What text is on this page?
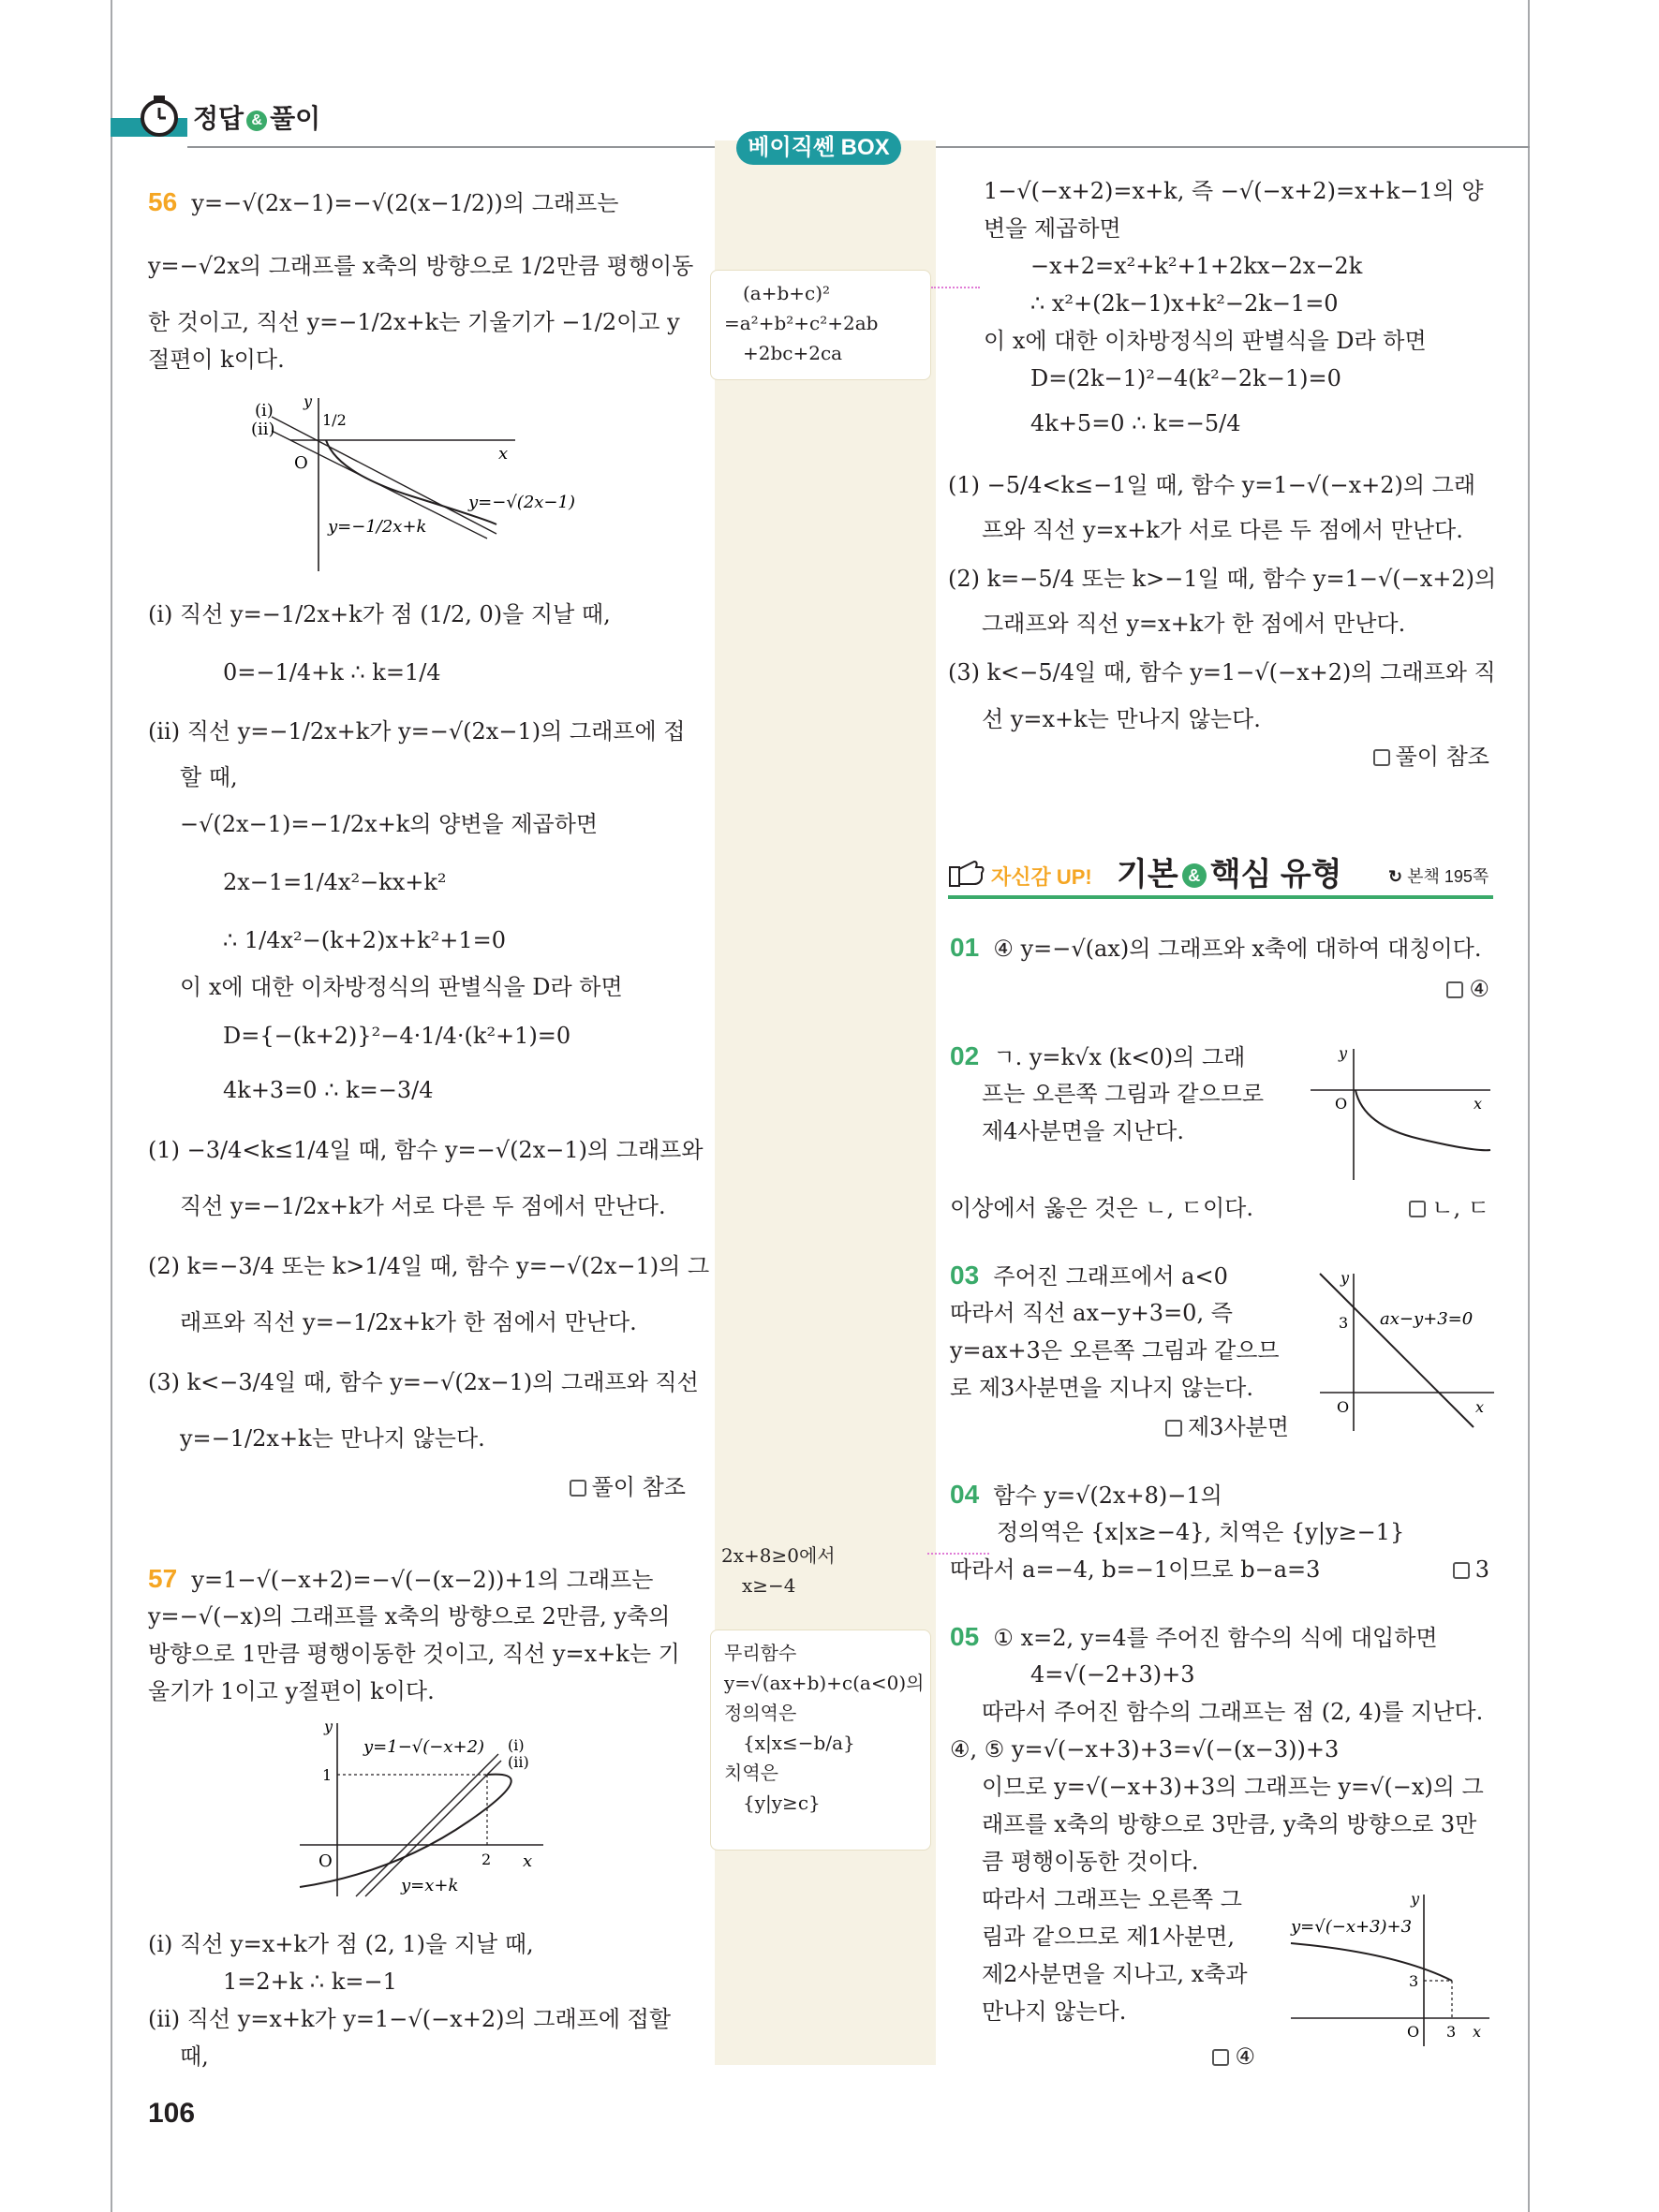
정답 & 풀이
베이직쎈 BOX
(a+b+c)²
=a²+b²+c²+2ab
+2bc+2ca
2x+8≥0에서
x≥−4
무리함수
y=√(ax+b)+c(a<0)의
정의역은
{x|x≤−b/a}
치역은
{y|y≥c}
56 y=−√(2x−1)=−√(2(x−1/2))의 그래프는
y=−√2x의 그래프를 x축의 방향으로 1/2만큼 평행이동
한 것이고, 직선 y=−1/2x+k는 기울기가 −1/2이고 y
절편이 k이다.
(i)
(ii)	1/2
O
y
x
y=−√(2x−1)
y=−1/2x+k
(i) 직선 y=−1/2x+k가 점 (1/2, 0)을 지날 때,
0=−1/4+k ∴ k=1/4
(ii) 직선 y=−1/2x+k가 y=−√(2x−1)의 그래프에 접
할 때,
−√(2x−1)=−1/2x+k의 양변을 제곱하면
2x−1=1/4x²−kx+k²
∴ 1/4x²−(k+2)x+k²+1=0
이 x에 대한 이차방정식의 판별식을 D라 하면
D={−(k+2)}²−4·1/4·(k²+1)=0
4k+3=0 ∴ k=−3/4
(1) −3/4<k≤1/4일 때, 함수 y=−√(2x−1)의 그래프와
직선 y=−1/2x+k가 서로 다른 두 점에서 만난다.
(2) k=−3/4 또는 k>1/4일 때, 함수 y=−√(2x−1)의 그
래프와 직선 y=−1/2x+k가 한 점에서 만난다.
(3) k<−3/4일 때, 함수 y=−√(2x−1)의 그래프와 직선
y=−1/2x+k는 만나지 않는다.
풀이 참조
57 y=1−√(−x+2)=−√(−(x−2))+1의 그래프는
y=−√(−x)의 그래프를 x축의 방향으로 2만큼, y축의
방향으로 1만큼 평행이동한 것이고, 직선 y=x+k는 기
울기가 1이고 y절편이 k이다.
y
x
O
1
2
y=1−√(−x+2) (i)
(ii)
y=x+k
(i) 직선 y=x+k가 점 (2, 1)을 지날 때,
1=2+k ∴ k=−1
(ii) 직선 y=x+k가 y=1−√(−x+2)의 그래프에 접할
때,
106
1−√(−x+2)=x+k, 즉 −√(−x+2)=x+k−1의 양
변을 제곱하면
−x+2=x²+k²+1+2kx−2x−2k
∴ x²+(2k−1)x+k²−2k−1=0
이 x에 대한 이차방정식의 판별식을 D라 하면
D=(2k−1)²−4(k²−2k−1)=0
4k+5=0 ∴ k=−5/4
(1) −5/4<k≤−1일 때, 함수 y=1−√(−x+2)의 그래
프와 직선 y=x+k가 서로 다른 두 점에서 만난다.
(2) k=−5/4 또는 k>−1일 때, 함수 y=1−√(−x+2)의
그래프와 직선 y=x+k가 한 점에서 만난다.
(3) k<−5/4일 때, 함수 y=1−√(−x+2)의 그래프와 직
선 y=x+k는 만나지 않는다.
풀이 참조
자신감 UP! 기본 & 핵심 유형	↻ 본책 195쪽
01 ④ y=−√(ax)의 그래프와 x축에 대하여 대칭이다.
④
02 ㄱ. y=k√x (k<0)의 그래
프는 오른쪽 그림과 같으므로
제4사분면을 지난다.
y
x
O
이상에서 옳은 것은 ㄴ, ㄷ이다.	ㄴ, ㄷ
03 주어진 그래프에서 a<0
따라서 직선 ax−y+3=0, 즉
y=ax+3은 오른쪽 그림과 같으므
로 제3사분면을 지나지 않는다.
제3사분면
y
x
O
3 ax−y+3=0
04 함수 y=√(2x+8)−1의
정의역은 {x|x≥−4}, 치역은 {y|y≥−1}
따라서 a=−4, b=−1이므로 b−a=3	3
05 ① x=2, y=4를 주어진 함수의 식에 대입하면
4=√(−2+3)+3
따라서 주어진 함수의 그래프는 점 (2, 4)를 지난다.
④, ⑤ y=√(−x+3)+3=√(−(x−3))+3
이므로 y=√(−x+3)+3의 그래프는 y=√(−x)의 그
래프를 x축의 방향으로 3만큼, y축의 방향으로 3만
큼 평행이동한 것이다.
따라서 그래프는 오른쪽 그
림과 같으므로 제1사분면,
제2사분면을 지나고, x축과
만나지 않는다.
y
x
O
3
3
y=√(−x+3)+3
④
